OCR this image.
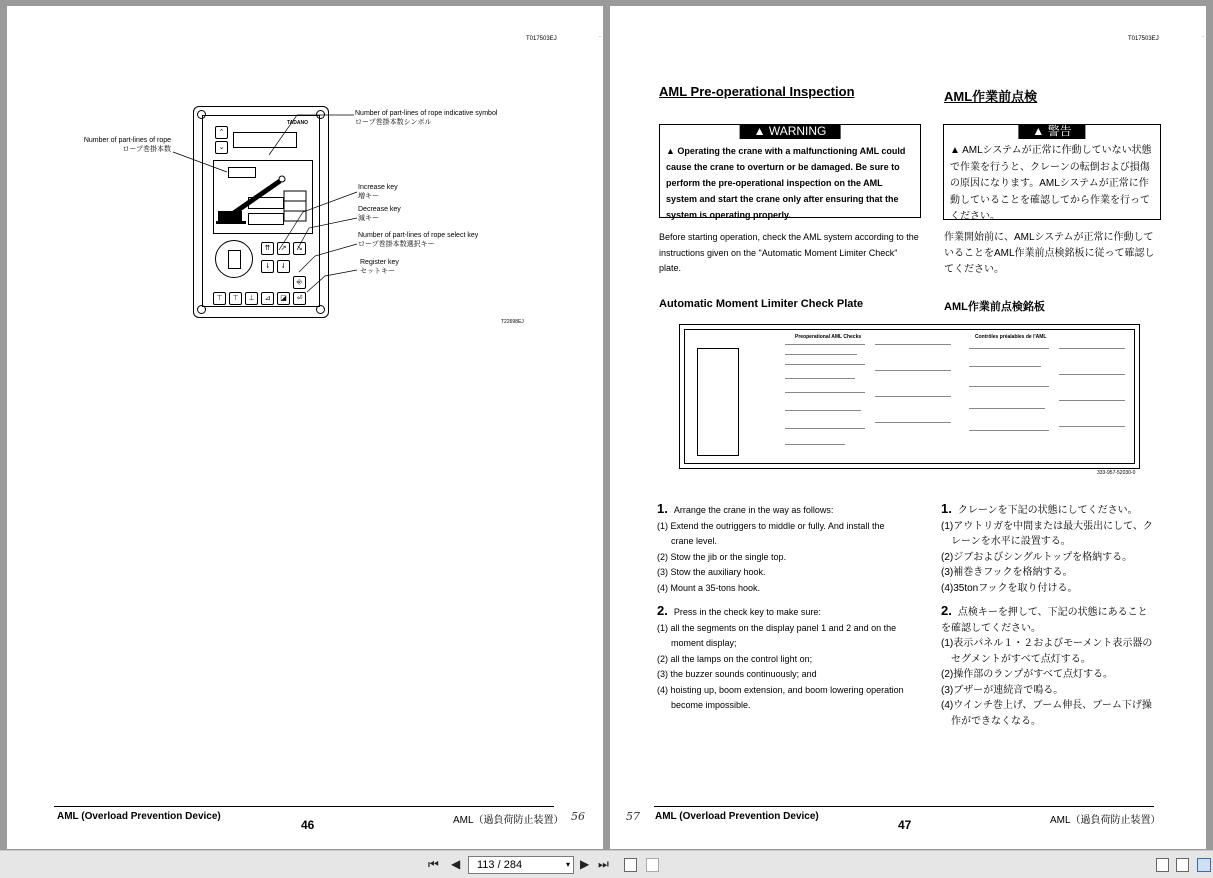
T017503EJ	·
⌃
⌄
TADANO
⇈	↗	↘
⇂	⇃
⎆
⊤	⊤	⊥	⊿	◪	⏎
Number of part-lines of rope indicative symbol
ロープ巻掛本数シンボル
Number of part-lines of rope
ロープ巻掛本数
Increase key
増キー
Decrease key
減キー
Number of part-lines of rope select key
ロープ巻掛本数選択キー
Register key
セットキー
T22698EJ
AML (Overload Prevention Device)
46	AML（過負荷防止装置） 56
T017503EJ	·
AML Pre-operational Inspection	AML作業前点検
▲ WARNING
▲ Operating the crane with a malfunctioning AML could cause the crane to overturn or be damaged. Be sure to perform the pre-operational inspection on the AML system and start the crane only after ensuring that the system is operating properly.
▲ 警告
▲ AMLシステムが正常に作動していない状態で作業を行うと、クレーンの転倒および損傷の原因になります。AMLシステムが正常に作動していることを確認してから作業を行ってください。
Before starting operation, check the AML system according to the instructions given on the "Automatic Moment Limiter Check" plate.
作業開始前に、AMLシステムが正常に作動していることをAML作業前点検銘板に従って確認してください。
Automatic Moment Limiter Check Plate	AML作業前点検銘板
Preoperational AML Checks	Contrôles préalables de l'AML
333-957-52030-0
1. Arrange the crane in the way as follows:
(1) Extend the outriggers to middle or fully. And install the
crane level.
(2) Stow the jib or the single top.
(3) Stow the auxiliary hook.
(4) Mount a 35-tons hook.
1. クレーンを下記の状態にしてください。
(1)アウトリガを中間または最大張出にして、ク
レーンを水平に設置する。
(2)ジブおよびシングルトップを格納する。
(3)補巻きフックを格納する。
(4)35tonフックを取り付ける。
2. Press in the check key to make sure:
(1) all the segments on the display panel 1 and 2 and on the
moment display;
(2) all the lamps on the control light on;
(3) the buzzer sounds continuously; and
(4) hoisting up, boom extension, and boom lowering operation
become impossible.
2. 点検キーを押して、下記の状態にあること
を確認してください。
(1)表示パネル１・２およびモーメント表示器の
セグメントがすべて点灯する。
(2)操作部のランプがすべて点灯する。
(3)ブザーが連続音で鳴る。
(4)ウインチ巻上げ、ブーム伸長、ブーム下げ操
作ができなくなる。
AML (Overload Prevention Device)
47	AML（過負荷防止装置）
57
⏮ ◀ 113 / 284	▾ ▶ ⏭
